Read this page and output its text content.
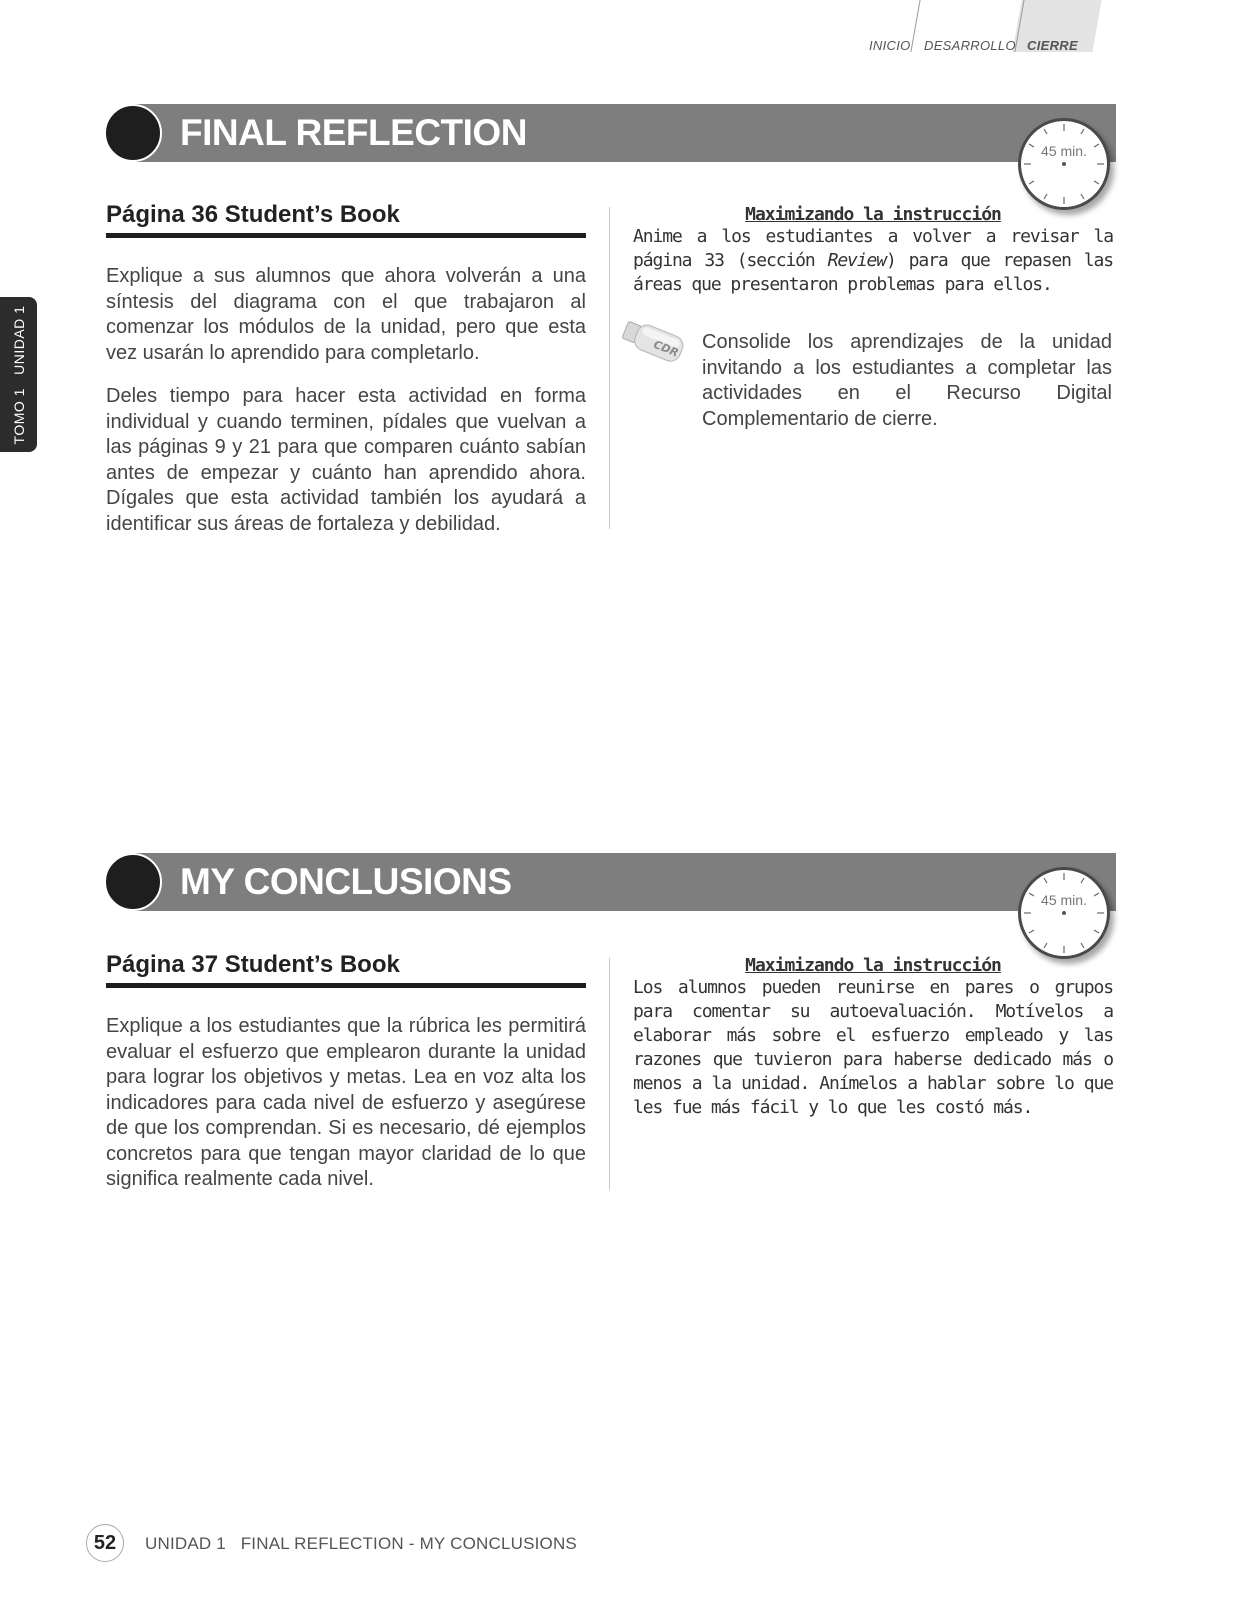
INICIO DESARROLLO CIERRE
TOMO 1   UNIDAD 1
FINAL REFLECTION	45 min.
Página 36 Student’s Book

Explique a sus alumnos que ahora volverán a una síntesis del diagrama con el que trabajaron al comenzar los módulos de la unidad, pero que esta vez usarán lo aprendido para completarlo.

Deles tiempo para hacer esta actividad en forma individual y cuando terminen, pídales que vuelvan a las páginas 9 y 21 para que comparen cuánto sabían antes de empezar y cuánto han aprendido ahora. Dígales que esta actividad también los ayudará a identificar sus áreas de fortaleza y debilidad.

Maximizando la instrucción

Anime a los estudiantes a volver a revisar la página 33 (sección Review) para que repasen las áreas que presentaron problemas para ellos.

CDR Consolide los aprendizajes de la unidad invitando a los estudiantes a completar las actividades en el Recurso Digital Complementario de cierre.

MY CONCLUSIONS	45 min.
Página 37 Student’s Book

Explique a los estudiantes que la rúbrica les permitirá evaluar el esfuerzo que emplearon durante la unidad para lograr los objetivos y metas. Lea en voz alta los indicadores para cada nivel de esfuerzo y asegúrese de que los comprendan. Si es necesario, dé ejemplos concretos para que tengan mayor claridad de lo que significa realmente cada nivel.

Maximizando la instrucción

Los alumnos pueden reunirse en pares o grupos para comentar su autoevaluación. Motívelos a elaborar más sobre el esfuerzo empleado y las razones que tuvieron para haberse dedicado más o menos a la unidad. Anímelos a hablar sobre lo que les fue más fácil y lo que les costó más.

52	UNIDAD 1   FINAL REFLECTION - MY CONCLUSIONS
